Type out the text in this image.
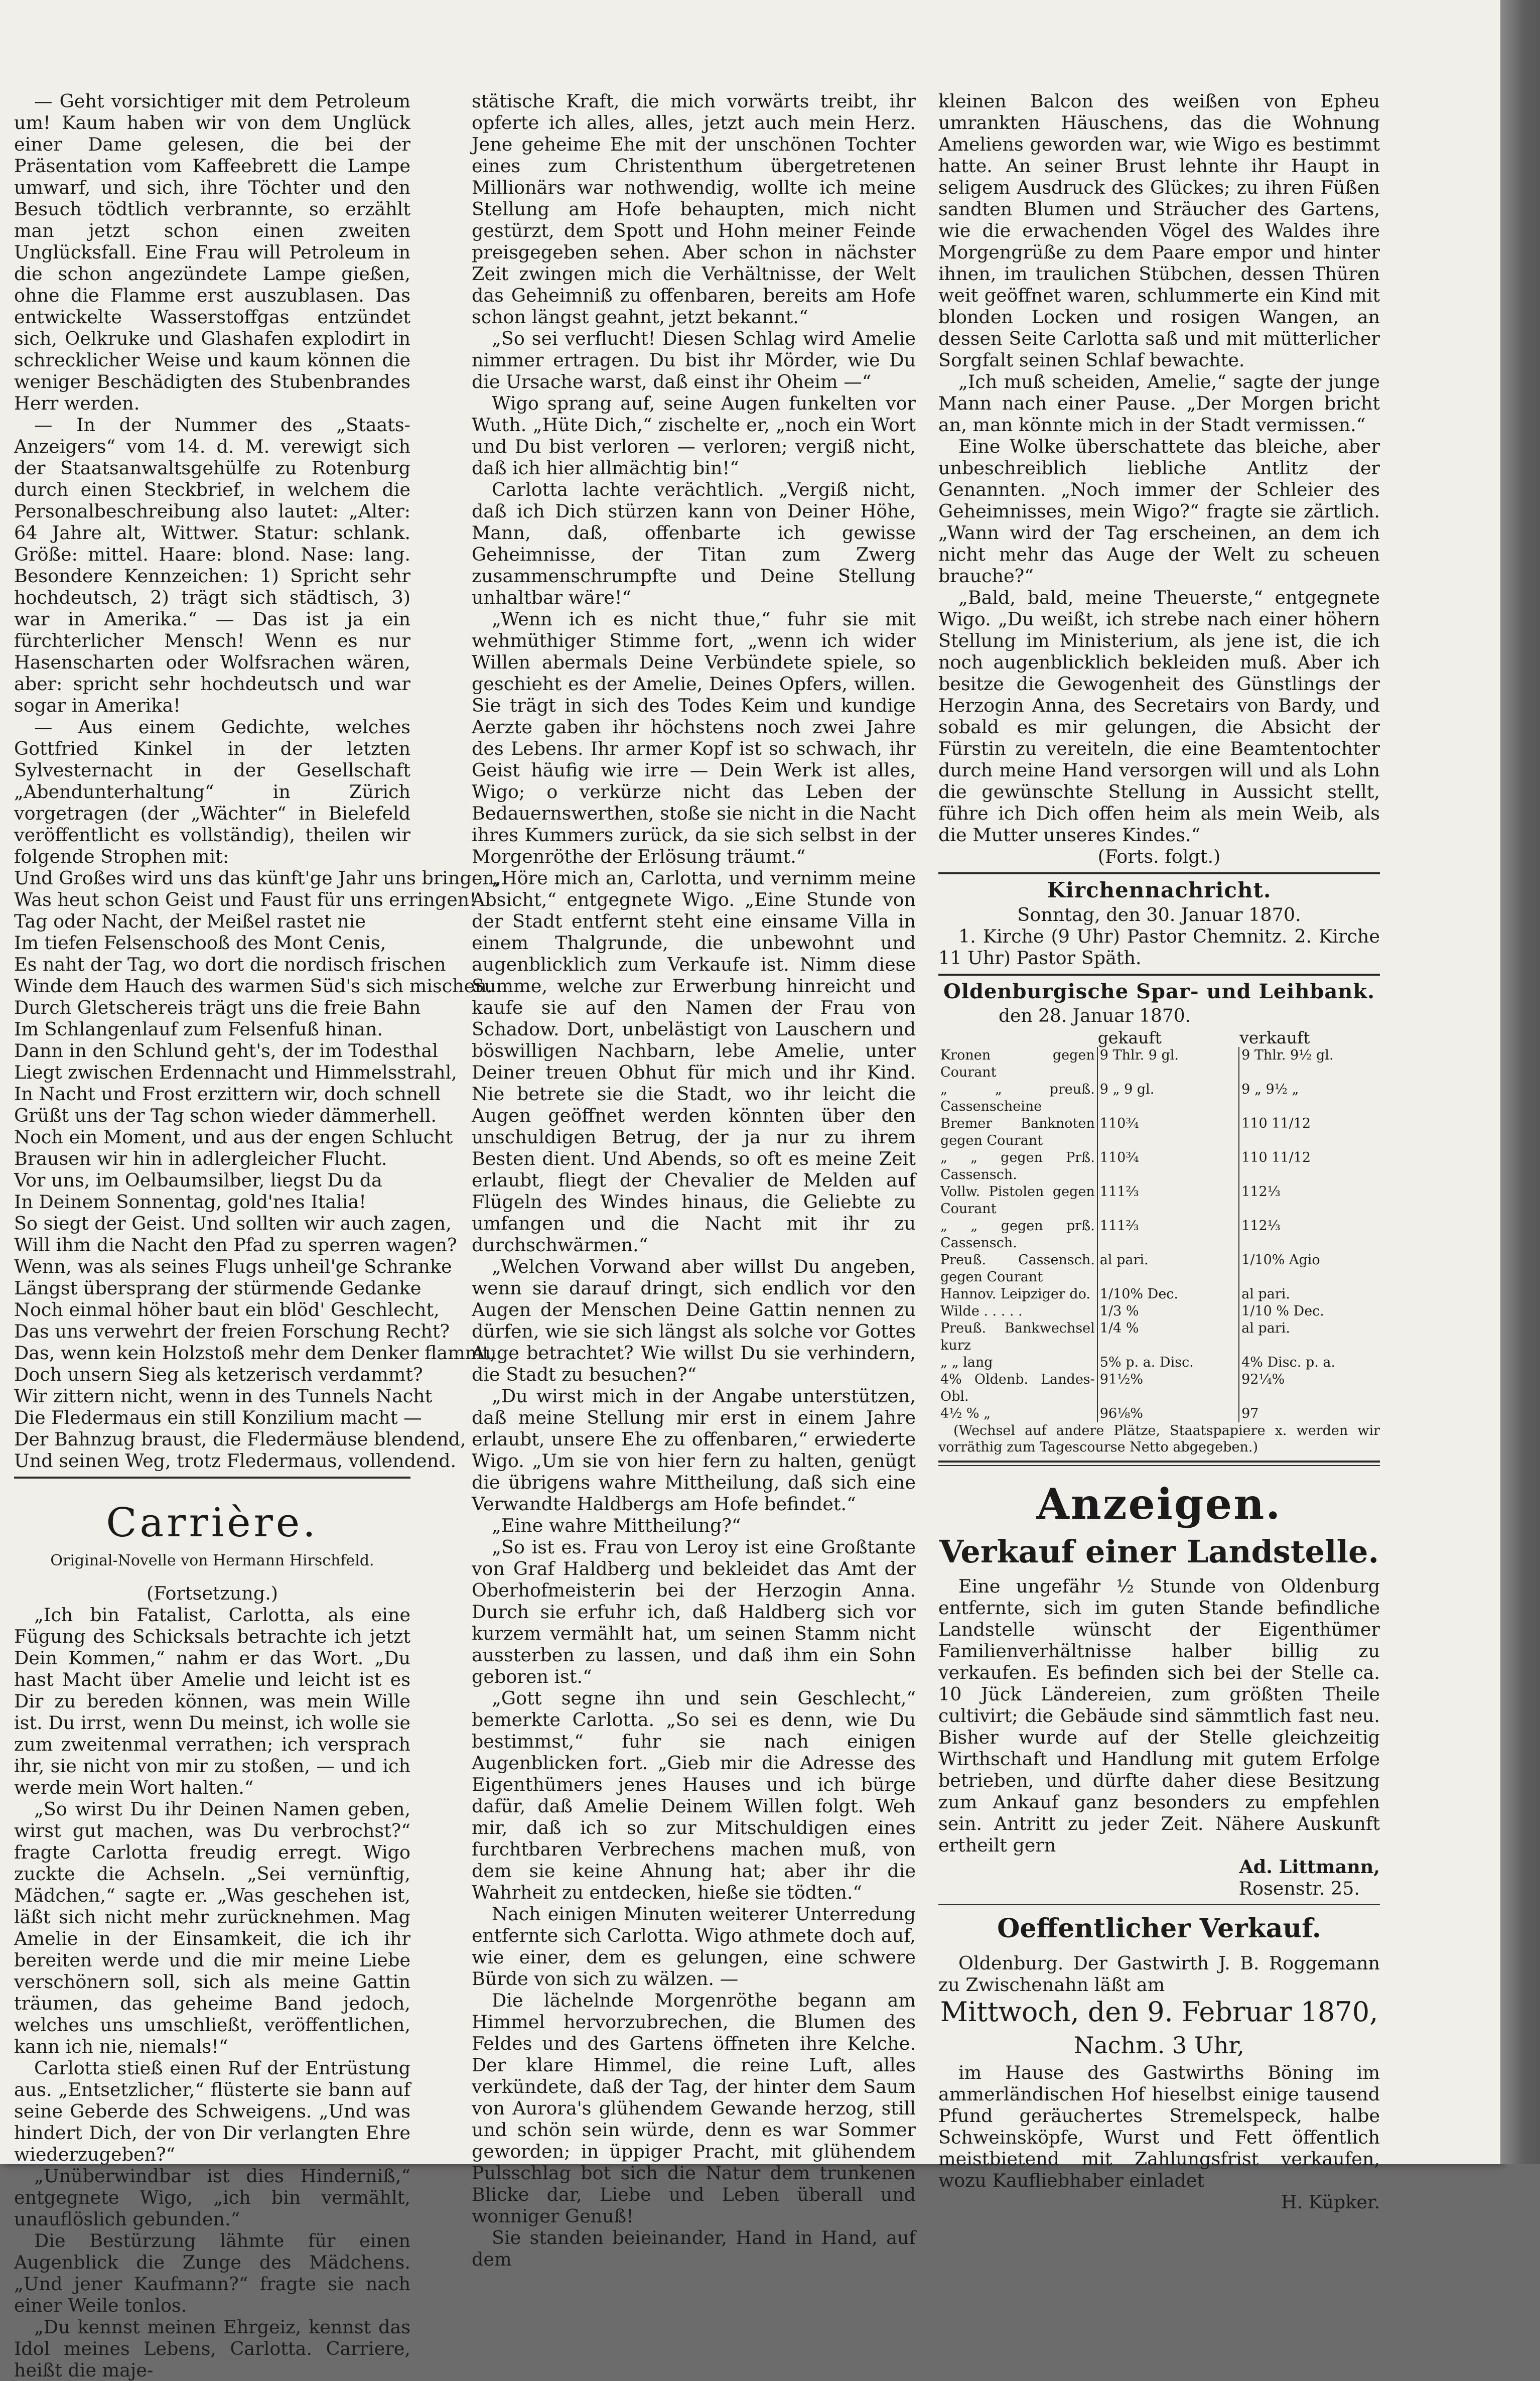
— Geht vorsichtiger mit dem Petroleum um! Kaum haben wir von dem Unglück einer Dame gelesen, die bei der Präsentation vom Kaffeebrett die Lampe umwarf, und sich, ihre Töchter und den Besuch tödtlich verbrannte, so erzählt man jetzt schon einen zweiten Unglücksfall. Eine Frau will Petroleum in die schon angezündete Lampe gießen, ohne die Flamme erst auszublasen. Das entwickelte Wasserstoffgas entzündet sich, Oelkruke und Glashafen explodirt in schrecklicher Weise und kaum können die weniger Beschädigten des Stubenbrandes Herr werden.

— In der Nummer des „Staats-Anzeigers“ vom 14. d. M. verewigt sich der Staatsanwaltsgehülfe zu Rotenburg durch einen Steckbrief, in welchem die Personalbeschreibung also lautet: „Alter: 64 Jahre alt, Wittwer. Statur: schlank. Größe: mittel. Haare: blond. Nase: lang. Besondere Kennzeichen: 1) Spricht sehr hochdeutsch, 2) trägt sich städtisch, 3) war in Amerika.“ — Das ist ja ein fürchterlicher Mensch! Wenn es nur Hasenscharten oder Wolfsrachen wären, aber: spricht sehr hochdeutsch und war sogar in Amerika!

— Aus einem Gedichte, welches Gottfried Kinkel in der letzten Sylvesternacht in der Gesellschaft „Abendunterhaltung“ in Zürich vorgetragen (der „Wächter“ in Bielefeld veröffentlicht es vollständig), theilen wir folgende Strophen mit:

Und Großes wird uns das künft'ge Jahr uns bringen,
Was heut schon Geist und Faust für uns erringen!
Tag oder Nacht, der Meißel rastet nie
Im tiefen Felsenschooß des Mont Cenis,
Es naht der Tag, wo dort die nordisch frischen
Winde dem Hauch des warmen Süd's sich mischen.
Durch Gletschereis trägt uns die freie Bahn
Im Schlangenlauf zum Felsenfuß hinan.
Dann in den Schlund geht's, der im Todesthal
Liegt zwischen Erdennacht und Himmelsstrahl,
In Nacht und Frost erzittern wir, doch schnell
Grüßt uns der Tag schon wieder dämmerhell.
Noch ein Moment, und aus der engen Schlucht
Brausen wir hin in adlergleicher Flucht.
Vor uns, im Oelbaumsilber, liegst Du da
In Deinem Sonnentag, gold'nes Italia!
So siegt der Geist. Und sollten wir auch zagen,
Will ihm die Nacht den Pfad zu sperren wagen?
Wenn, was als seines Flugs unheil'ge Schranke
Längst übersprang der stürmende Gedanke
Noch einmal höher baut ein blöd' Geschlecht,
Das uns verwehrt der freien Forschung Recht?
Das, wenn kein Holzstoß mehr dem Denker flammt,
Doch unsern Sieg als ketzerisch verdammt?
Wir zittern nicht, wenn in des Tunnels Nacht
Die Fledermaus ein still Konzilium macht —
Der Bahnzug braust, die Fledermäuse blendend,
Und seinen Weg, trotz Fledermaus, vollendend.
Carrière.
Original-Novelle von Hermann Hirschfeld.

(Fortsetzung.)

„Ich bin Fatalist, Carlotta, als eine Fügung des Schicksals betrachte ich jetzt Dein Kommen,“ nahm er das Wort. „Du hast Macht über Amelie und leicht ist es Dir zu bereden können, was mein Wille ist. Du irrst, wenn Du meinst, ich wolle sie zum zweitenmal verrathen; ich versprach ihr, sie nicht von mir zu stoßen, — und ich werde mein Wort halten.“

„So wirst Du ihr Deinen Namen geben, wirst gut machen, was Du verbrochst?“ fragte Carlotta freudig erregt. Wigo zuckte die Achseln. „Sei vernünftig, Mädchen,“ sagte er. „Was geschehen ist, läßt sich nicht mehr zurücknehmen. Mag Amelie in der Einsamkeit, die ich ihr bereiten werde und die mir meine Liebe verschönern soll, sich als meine Gattin träumen, das geheime Band jedoch, welches uns umschließt, veröffentlichen, kann ich nie, niemals!“

Carlotta stieß einen Ruf der Entrüstung aus. „Entsetzlicher,“ flüsterte sie bann auf seine Geberde des Schweigens. „Und was hindert Dich, der von Dir verlangten Ehre wiederzugeben?“

„Unüberwindbar ist dies Hinderniß,“ entgegnete Wigo, „ich bin vermählt, unauflöslich gebunden.“

Die Bestürzung lähmte für einen Augenblick die Zunge des Mädchens. „Und jener Kaufmann?“ fragte sie nach einer Weile tonlos.

„Du kennst meinen Ehrgeiz, kennst das Idol meines Lebens, Carlotta. Carriere, heißt die maje-

stätische Kraft, die mich vorwärts treibt, ihr opferte ich alles, alles, jetzt auch mein Herz. Jene geheime Ehe mit der unschönen Tochter eines zum Christenthum übergetretenen Millionärs war nothwendig, wollte ich meine Stellung am Hofe behaupten, mich nicht gestürzt, dem Spott und Hohn meiner Feinde preisgegeben sehen. Aber schon in nächster Zeit zwingen mich die Verhältnisse, der Welt das Geheimniß zu offenbaren, bereits am Hofe schon längst geahnt, jetzt bekannt.“

„So sei verflucht! Diesen Schlag wird Amelie nimmer ertragen. Du bist ihr Mörder, wie Du die Ursache warst, daß einst ihr Oheim —“

Wigo sprang auf, seine Augen funkelten vor Wuth. „Hüte Dich,“ zischelte er, „noch ein Wort und Du bist verloren — verloren; vergiß nicht, daß ich hier allmächtig bin!“

Carlotta lachte verächtlich. „Vergiß nicht, daß ich Dich stürzen kann von Deiner Höhe, Mann, daß, offenbarte ich gewisse Geheimnisse, der Titan zum Zwerg zusammenschrumpfte und Deine Stellung unhaltbar wäre!“

„Wenn ich es nicht thue,“ fuhr sie mit wehmüthiger Stimme fort, „wenn ich wider Willen abermals Deine Verbündete spiele, so geschieht es der Amelie, Deines Opfers, willen. Sie trägt in sich des Todes Keim und kundige Aerzte gaben ihr höchstens noch zwei Jahre des Lebens. Ihr armer Kopf ist so schwach, ihr Geist häufig wie irre — Dein Werk ist alles, Wigo; o verkürze nicht das Leben der Bedauernswerthen, stoße sie nicht in die Nacht ihres Kummers zurück, da sie sich selbst in der Morgenröthe der Erlösung träumt.“

„Höre mich an, Carlotta, und vernimm meine Absicht,“ entgegnete Wigo. „Eine Stunde von der Stadt entfernt steht eine einsame Villa in einem Thalgrunde, die unbewohnt und augenblicklich zum Verkaufe ist. Nimm diese Summe, welche zur Erwerbung hinreicht und kaufe sie auf den Namen der Frau von Schadow. Dort, unbelästigt von Lauschern und böswilligen Nachbarn, lebe Amelie, unter Deiner treuen Obhut für mich und ihr Kind. Nie betrete sie die Stadt, wo ihr leicht die Augen geöffnet werden könnten über den unschuldigen Betrug, der ja nur zu ihrem Besten dient. Und Abends, so oft es meine Zeit erlaubt, fliegt der Chevalier de Melden auf Flügeln des Windes hinaus, die Geliebte zu umfangen und die Nacht mit ihr zu durchschwärmen.“

„Welchen Vorwand aber willst Du angeben, wenn sie darauf dringt, sich endlich vor den Augen der Menschen Deine Gattin nennen zu dürfen, wie sie sich längst als solche vor Gottes Auge betrachtet? Wie willst Du sie verhindern, die Stadt zu besuchen?“

„Du wirst mich in der Angabe unterstützen, daß meine Stellung mir erst in einem Jahre erlaubt, unsere Ehe zu offenbaren,“ erwiederte Wigo. „Um sie von hier fern zu halten, genügt die übrigens wahre Mittheilung, daß sich eine Verwandte Haldbergs am Hofe befindet.“

„Eine wahre Mittheilung?“

„So ist es. Frau von Leroy ist eine Großtante von Graf Haldberg und bekleidet das Amt der Oberhofmeisterin bei der Herzogin Anna. Durch sie erfuhr ich, daß Haldberg sich vor kurzem vermählt hat, um seinen Stamm nicht aussterben zu lassen, und daß ihm ein Sohn geboren ist.“

„Gott segne ihn und sein Geschlecht,“ bemerkte Carlotta. „So sei es denn, wie Du bestimmst,“ fuhr sie nach einigen Augenblicken fort. „Gieb mir die Adresse des Eigenthümers jenes Hauses und ich bürge dafür, daß Amelie Deinem Willen folgt. Weh mir, daß ich so zur Mitschuldigen eines furchtbaren Verbrechens machen muß, von dem sie keine Ahnung hat; aber ihr die Wahrheit zu entdecken, hieße sie tödten.“

Nach einigen Minuten weiterer Unterredung entfernte sich Carlotta. Wigo athmete doch auf, wie einer, dem es gelungen, eine schwere Bürde von sich zu wälzen. —

Die lächelnde Morgenröthe begann am Himmel hervorzubrechen, die Blumen des Feldes und des Gartens öffneten ihre Kelche. Der klare Himmel, die reine Luft, alles verkündete, daß der Tag, der hinter dem Saum von Aurora's glühendem Gewande herzog, still und schön sein würde, denn es war Sommer geworden; in üppiger Pracht, mit glühendem Pulsschlag bot sich die Natur dem trunkenen Blicke dar, Liebe und Leben überall und wonniger Genuß!

Sie standen beieinander, Hand in Hand, auf dem

kleinen Balcon des weißen von Epheu umrankten Häuschens, das die Wohnung Ameliens geworden war, wie Wigo es bestimmt hatte. An seiner Brust lehnte ihr Haupt in seligem Ausdruck des Glückes; zu ihren Füßen sandten Blumen und Sträucher des Gartens, wie die erwachenden Vögel des Waldes ihre Morgengrüße zu dem Paare empor und hinter ihnen, im traulichen Stübchen, dessen Thüren weit geöffnet waren, schlummerte ein Kind mit blonden Locken und rosigen Wangen, an dessen Seite Carlotta saß und mit mütterlicher Sorgfalt seinen Schlaf bewachte.

„Ich muß scheiden, Amelie,“ sagte der junge Mann nach einer Pause. „Der Morgen bricht an, man könnte mich in der Stadt vermissen.“

Eine Wolke überschattete das bleiche, aber unbeschreiblich liebliche Antlitz der Genannten. „Noch immer der Schleier des Geheimnisses, mein Wigo?“ fragte sie zärtlich. „Wann wird der Tag erscheinen, an dem ich nicht mehr das Auge der Welt zu scheuen brauche?“

„Bald, bald, meine Theuerste,“ entgegnete Wigo. „Du weißt, ich strebe nach einer höhern Stellung im Ministerium, als jene ist, die ich noch augenblicklich bekleiden muß. Aber ich besitze die Gewogenheit des Günstlings der Herzogin Anna, des Secretairs von Bardy, und sobald es mir gelungen, die Absicht der Fürstin zu vereiteln, die eine Beamtentochter durch meine Hand versorgen will und als Lohn die gewünschte Stellung in Aussicht stellt, führe ich Dich offen heim als mein Weib, als die Mutter unseres Kindes.“

(Forts. folgt.)

Kirchennachricht.

Sonntag, den 30. Januar 1870.

1. Kirche (9 Uhr) Pastor Chemnitz. 2. Kirche 11 Uhr) Pastor Späth.

Oldenburgische Spar- und Leihbank.
den 28. Januar 1870.
	gekauft	verkauft
Kronen gegen Courant	9 Thlr. 9 gl.	9 Thlr. 9½ gl.
„ „ preuß. Cassenscheine	9 „ 9 gl.	9 „ 9½ „
Bremer Banknoten gegen Courant	110¾	110 11/12
„ „ gegen Prß. Cassensch.	110¾	110 11/12
Vollw. Pistolen gegen Courant	111⅔	112⅓
„ „ gegen prß. Cassensch.	111⅔	112⅓
Preuß. Cassensch. gegen Courant	al pari.	1/10% Agio
Hannov. Leipziger do.	1/10% Dec.	al pari.
Wilde . . . . .	1/3 %	1/10 % Dec.
Preuß. Bankwechsel kurz	1/4 %	al pari.
„ „ lang	5% p. a. Disc.	4% Disc. p. a.
4% Oldenb. Landes-Obl.	91½%	92¼%
4½ % „	96⅛%	97

(Wechsel auf andere Plätze, Staatspapiere x. werden wir vorräthig zum Tagescourse Netto abgegeben.)

Anzeigen.
Verkauf einer Landstelle.

Eine ungefähr ½ Stunde von Oldenburg entfernte, sich im guten Stande befindliche Landstelle wünscht der Eigenthümer Familienverhältnisse halber billig zu verkaufen. Es befinden sich bei der Stelle ca. 10 Jück Ländereien, zum größten Theile cultivirt; die Gebäude sind sämmtlich fast neu. Bisher wurde auf der Stelle gleichzeitig Wirthschaft und Handlung mit gutem Erfolge betrieben, und dürfte daher diese Besitzung zum Ankauf ganz besonders zu empfehlen sein. Antritt zu jeder Zeit. Nähere Auskunft ertheilt gern

Ad. Littmann,
Rosenstr. 25.
Oeffentlicher Verkauf.

Oldenburg. Der Gastwirth J. B. Roggemann zu Zwischenahn läßt am

Mittwoch, den 9. Februar 1870,
Nachm. 3 Uhr,

im Hause des Gastwirths Böning im ammerländischen Hof hieselbst einige tausend Pfund geräuchertes Stremelspeck, halbe Schweinsköpfe, Wurst und Fett öffentlich meistbietend mit Zahlungsfrist verkaufen, wozu Kaufliebhaber einladet

H. Küpker.
